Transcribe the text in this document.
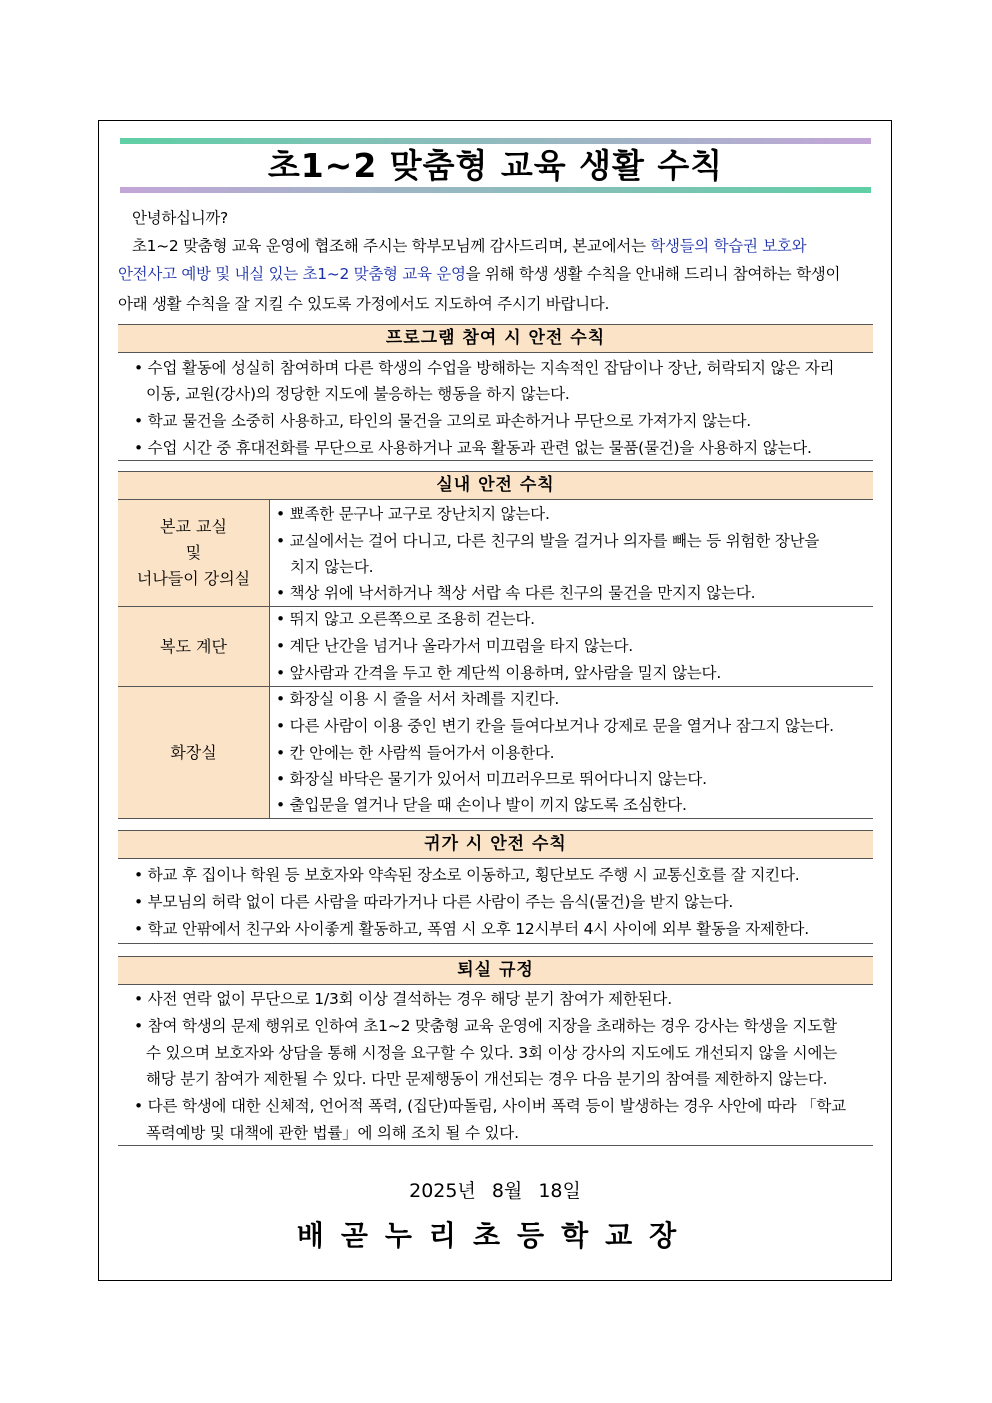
초1~2 맞춤형 교육 생활 수칙
안녕하십니까?
초1~2 맞춤형 교육 운영에 협조해 주시는 학부모님께 감사드리며, 본교에서는 학생들의 학습권 보호와
안전사고 예방 및 내실 있는 초1~2 맞춤형 교육 운영을 위해 학생 생활 수칙을 안내해 드리니 참여하는 학생이
아래 생활 수칙을 잘 지킬 수 있도록 가정에서도 지도하여 주시기 바랍니다.
프로그램 참여 시 안전 수칙
• 수업 활동에 성실히 참여하며 다른 학생의 수업을 방해하는 지속적인 잡담이나 장난, 허락되지 않은 자리
이동, 교원(강사)의 정당한 지도에 불응하는 행동을 하지 않는다.
• 학교 물건을 소중히 사용하고, 타인의 물건을 고의로 파손하거나 무단으로 가져가지 않는다.
• 수업 시간 중 휴대전화를 무단으로 사용하거나 교육 활동과 관련 없는 물품(물건)을 사용하지 않는다.
실내 안전 수칙
본교 교실
및
너나들이 강의실
• 뾰족한 문구나 교구로 장난치지 않는다.
• 교실에서는 걸어 다니고, 다른 친구의 발을 걸거나 의자를 빼는 등 위험한 장난을
치지 않는다.
• 책상 위에 낙서하거나 책상 서랍 속 다른 친구의 물건을 만지지 않는다.
복도 계단
• 뛰지 않고 오른쪽으로 조용히 걷는다.
• 계단 난간을 넘거나 올라가서 미끄럼을 타지 않는다.
• 앞사람과 간격을 두고 한 계단씩 이용하며, 앞사람을 밀지 않는다.
화장실
• 화장실 이용 시 줄을 서서 차례를 지킨다.
• 다른 사람이 이용 중인 변기 칸을 들여다보거나 강제로 문을 열거나 잠그지 않는다.
• 칸 안에는 한 사람씩 들어가서 이용한다.
• 화장실 바닥은 물기가 있어서 미끄러우므로 뛰어다니지 않는다.
• 출입문을 열거나 닫을 때 손이나 발이 끼지 않도록 조심한다.
귀가 시 안전 수칙
• 하교 후 집이나 학원 등 보호자와 약속된 장소로 이동하고, 횡단보도 주행 시 교통신호를 잘 지킨다.
• 부모님의 허락 없이 다른 사람을 따라가거나 다른 사람이 주는 음식(물건)을 받지 않는다.
• 학교 안팎에서 친구와 사이좋게 활동하고, 폭염 시 오후 12시부터 4시 사이에 외부 활동을 자제한다.
퇴실 규정
• 사전 연락 없이 무단으로 1/3회 이상 결석하는 경우 해당 분기 참여가 제한된다.
• 참여 학생의 문제 행위로 인하여 초1~2 맞춤형 교육 운영에 지장을 초래하는 경우 강사는 학생을 지도할
수 있으며 보호자와 상담을 통해 시정을 요구할 수 있다. 3회 이상 강사의 지도에도 개선되지 않을 시에는
해당 분기 참여가 제한될 수 있다. 다만 문제행동이 개선되는 경우 다음 분기의 참여를 제한하지 않는다.
• 다른 학생에 대한 신체적, 언어적 폭력, (집단)따돌림, 사이버 폭력 등이 발생하는 경우 사안에 따라 「학교
폭력예방 및 대책에 관한 법률」에 의해 조치 될 수 있다.
2025년 8월 18일
배곧누리초등학교장
